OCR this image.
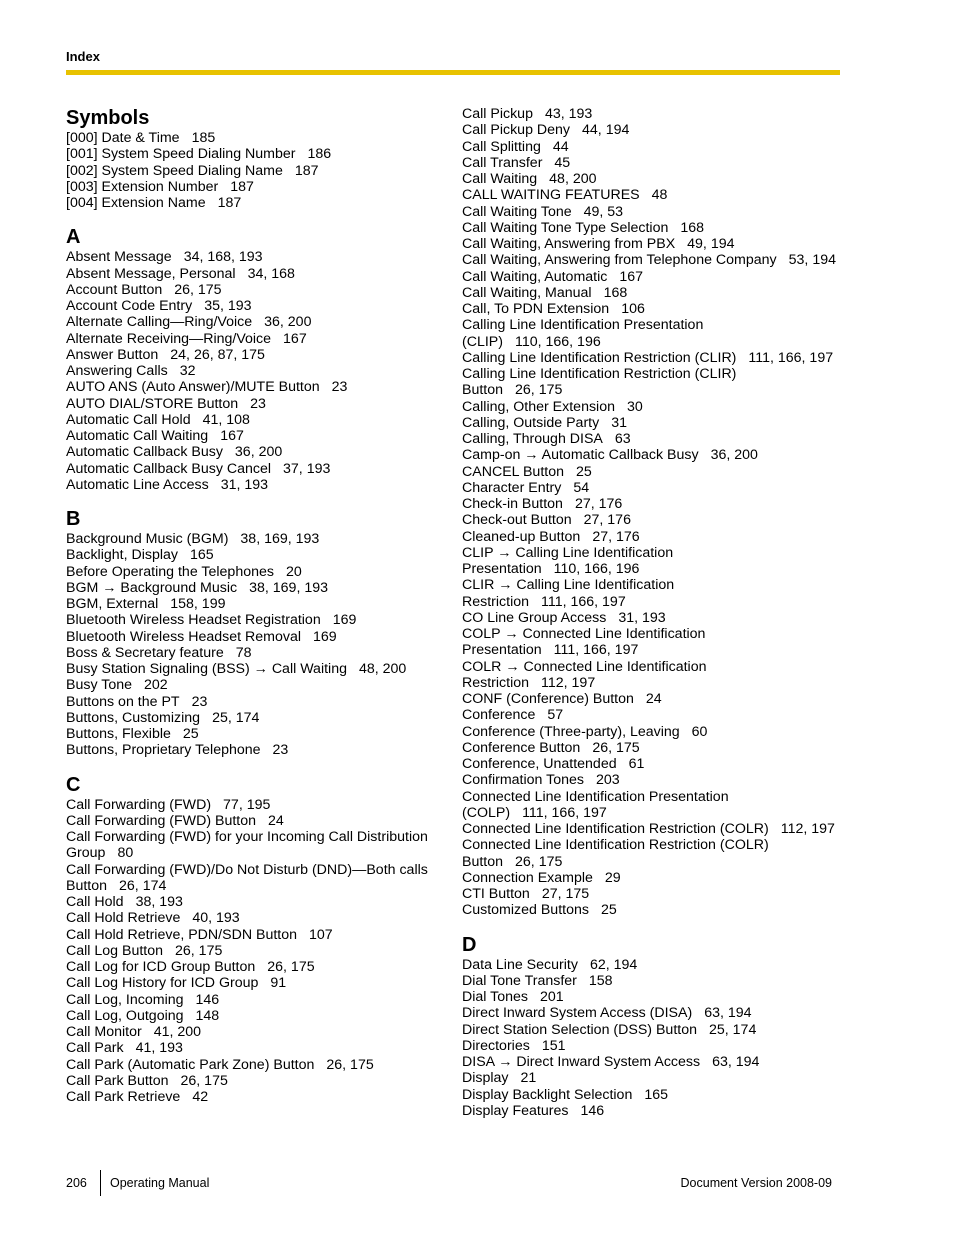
Index
Symbols
[000] Date & Time 185
[001] System Speed Dialing Number 186
[002] System Speed Dialing Name 187
[003] Extension Number 187
[004] Extension Name 187
A
Absent Message 34, 168, 193
Absent Message, Personal 34, 168
Account Button 26, 175
Account Code Entry 35, 193
Alternate Calling—Ring/Voice 36, 200
Alternate Receiving—Ring/Voice 167
Answer Button 24, 26, 87, 175
Answering Calls 32
AUTO ANS (Auto Answer)/MUTE Button 23
AUTO DIAL/STORE Button 23
Automatic Call Hold 41, 108
Automatic Call Waiting 167
Automatic Callback Busy 36, 200
Automatic Callback Busy Cancel 37, 193
Automatic Line Access 31, 193
B
Background Music (BGM) 38, 169, 193
Backlight, Display 165
Before Operating the Telephones 20
BGM → Background Music 38, 169, 193
BGM, External 158, 199
Bluetooth Wireless Headset Registration 169
Bluetooth Wireless Headset Removal 169
Boss & Secretary feature 78
Busy Station Signaling (BSS) → Call Waiting 48, 200
Busy Tone 202
Buttons on the PT 23
Buttons, Customizing 25, 174
Buttons, Flexible 25
Buttons, Proprietary Telephone 23
C
Call Forwarding (FWD) 77, 195
Call Forwarding (FWD) Button 24
Call Forwarding (FWD) for your Incoming Call Distribution
Group 80
Call Forwarding (FWD)/Do Not Disturb (DND)—Both calls
Button 26, 174
Call Hold 38, 193
Call Hold Retrieve 40, 193
Call Hold Retrieve, PDN/SDN Button 107
Call Log Button 26, 175
Call Log for ICD Group Button 26, 175
Call Log History for ICD Group 91
Call Log, Incoming 146
Call Log, Outgoing 148
Call Monitor 41, 200
Call Park 41, 193
Call Park (Automatic Park Zone) Button 26, 175
Call Park Button 26, 175
Call Park Retrieve 42
Call Pickup 43, 193
Call Pickup Deny 44, 194
Call Splitting 44
Call Transfer 45
Call Waiting 48, 200
CALL WAITING FEATURES 48
Call Waiting Tone 49, 53
Call Waiting Tone Type Selection 168
Call Waiting, Answering from PBX 49, 194
Call Waiting, Answering from Telephone Company 53, 194
Call Waiting, Automatic 167
Call Waiting, Manual 168
Call, To PDN Extension 106
Calling Line Identification Presentation
(CLIP) 110, 166, 196
Calling Line Identification Restriction (CLIR) 111, 166, 197
Calling Line Identification Restriction (CLIR)
Button 26, 175
Calling, Other Extension 30
Calling, Outside Party 31
Calling, Through DISA 63
Camp-on → Automatic Callback Busy 36, 200
CANCEL Button 25
Character Entry 54
Check-in Button 27, 176
Check-out Button 27, 176
Cleaned-up Button 27, 176
CLIP → Calling Line Identification
Presentation 110, 166, 196
CLIR → Calling Line Identification
Restriction 111, 166, 197
CO Line Group Access 31, 193
COLP → Connected Line Identification
Presentation 111, 166, 197
COLR → Connected Line Identification
Restriction 112, 197
CONF (Conference) Button 24
Conference 57
Conference (Three-party), Leaving 60
Conference Button 26, 175
Conference, Unattended 61
Confirmation Tones 203
Connected Line Identification Presentation
(COLP) 111, 166, 197
Connected Line Identification Restriction (COLR) 112, 197
Connected Line Identification Restriction (COLR)
Button 26, 175
Connection Example 29
CTI Button 27, 175
Customized Buttons 25
D
Data Line Security 62, 194
Dial Tone Transfer 158
Dial Tones 201
Direct Inward System Access (DISA) 63, 194
Direct Station Selection (DSS) Button 25, 174
Directories 151
DISA → Direct Inward System Access 63, 194
Display 21
Display Backlight Selection 165
Display Features 146
206 Operating Manual	Document Version 2008-09
